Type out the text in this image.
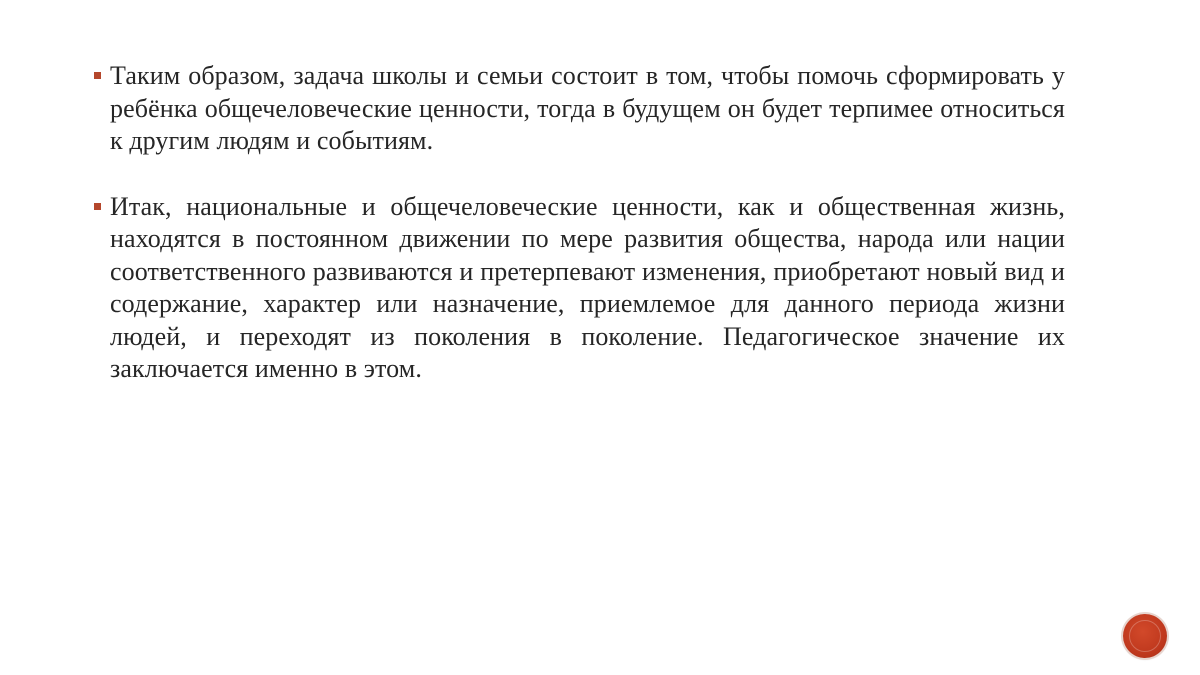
Таким образом, задача школы и семьи состоит в том, чтобы помочь сформировать у ребёнка общечеловеческие ценности, тогда в будущем он будет терпимее относиться к другим людям и событиям.
Итак, национальные и общечеловеческие ценности, как и общественная жизнь, находятся в постоянном движении по мере развития общества, народа или нации соответственного развиваются и претерпевают изменения, приобретают новый вид и содержание, характер или назначение, приемлемое для данного периода жизни людей, и переходят из поколения в поколение. Педагогическое значение их заключается именно в этом.
